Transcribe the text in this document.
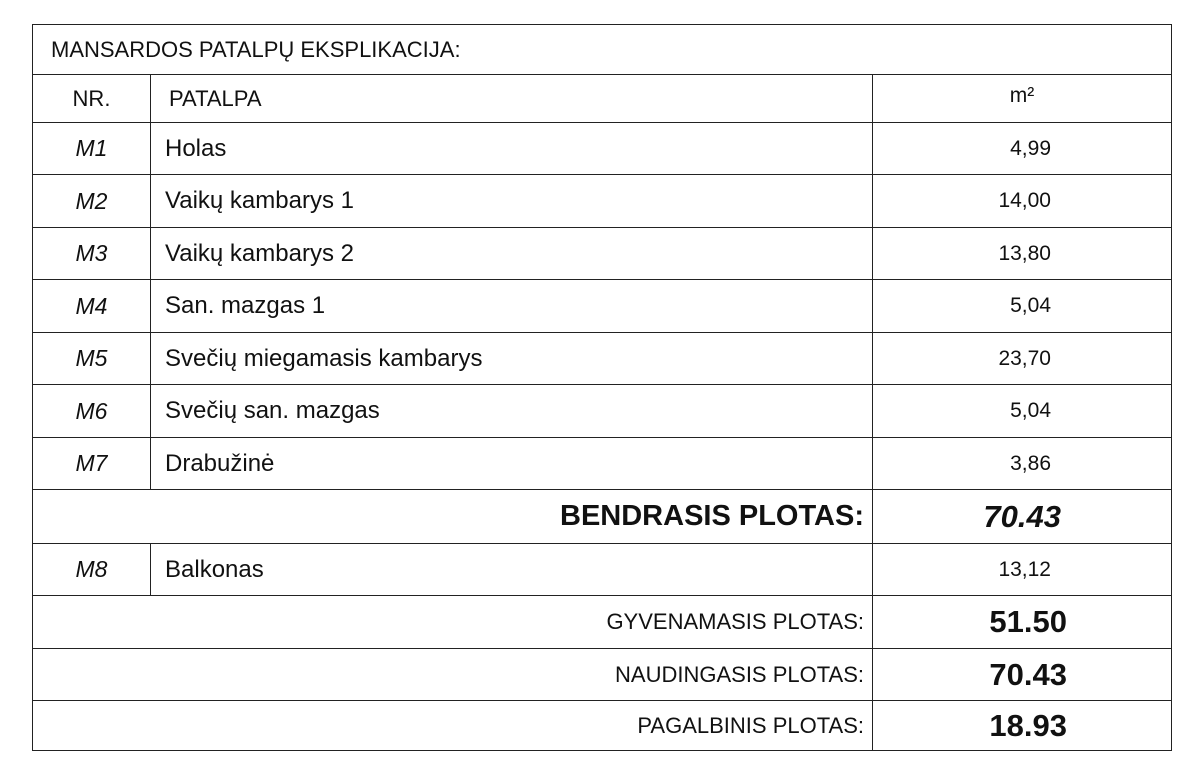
MANSARDOS PATALPŲ EKSPLIKACIJA:
NR.	PATALPA	m²
M1	Holas	4,99
M2	Vaikų kambarys 1	14,00
M3	Vaikų kambarys 2	13,80
M4	San. mazgas 1	5,04
M5	Svečių miegamasis kambarys	23,70
M6	Svečių san. mazgas	5,04
M7	Drabužinė	3,86
BENDRASIS PLOTAS:	70.43
M8	Balkonas	13,12
GYVENAMASIS PLOTAS:	51.50
NAUDINGASIS PLOTAS:	70.43
PAGALBINIS PLOTAS:	18.93
